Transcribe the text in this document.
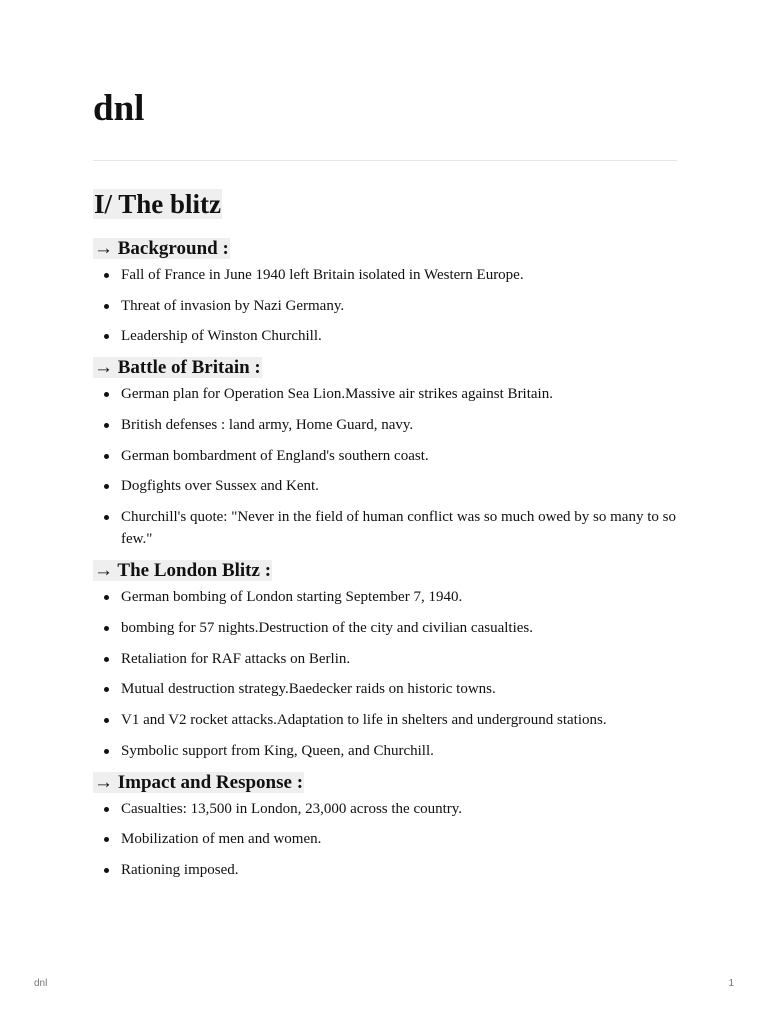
dnl
I/ The blitz
→ Background :
Fall of France in June 1940 left Britain isolated in Western Europe.
Threat of invasion by Nazi Germany.
Leadership of Winston Churchill.
→ Battle of Britain :
German plan for Operation Sea Lion.Massive air strikes against Britain.
British defenses : land army, Home Guard, navy.
German bombardment of England's southern coast.
Dogfights over Sussex and Kent.
Churchill's quote: "Never in the field of human conflict was so much owed by so many to so few."
→ The London Blitz :
German bombing of London starting September 7, 1940.
bombing for 57 nights.Destruction of the city and civilian casualties.
Retaliation for RAF attacks on Berlin.
Mutual destruction strategy.Baedecker raids on historic towns.
V1 and V2 rocket attacks.Adaptation to life in shelters and underground stations.
Symbolic support from King, Queen, and Churchill.
→ Impact and Response :
Casualties: 13,500 in London, 23,000 across the country.
Mobilization of men and women.
Rationing imposed.
dnl	1
